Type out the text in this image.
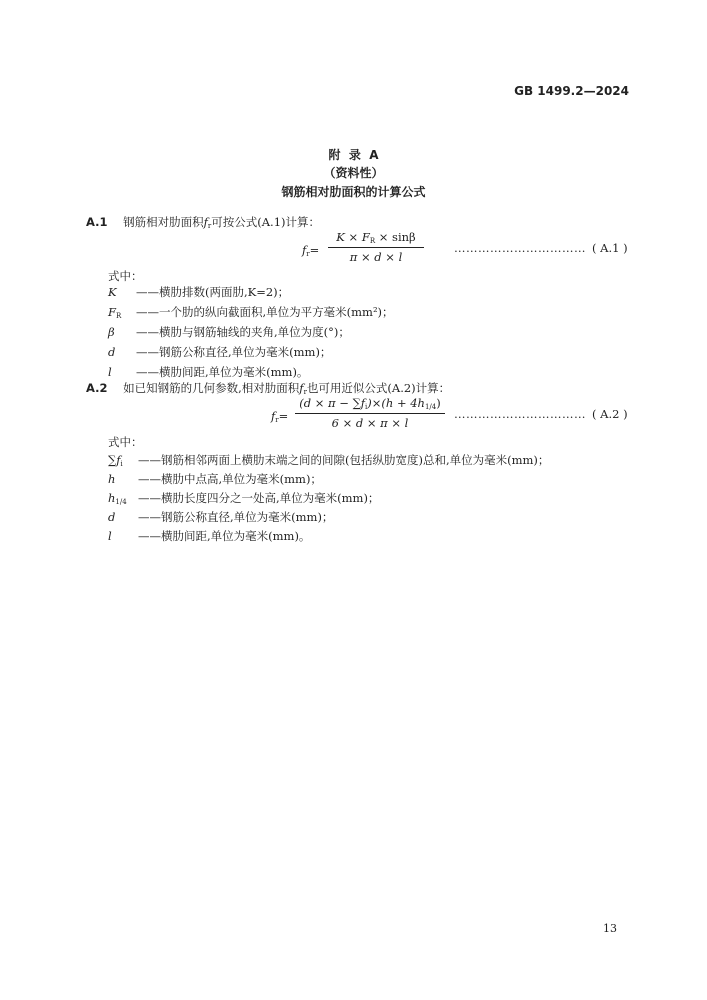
GB 1499.2—2024
附  录  A
（资料性）
钢筋相对肋面积的计算公式
A.1 钢筋相对肋面积$f_r$可按公式(A.1)计算：
$f_r=$
$K \times F_R \times \sin\beta$
π × d × l
…………………………… ( A.1 )
式中：
K ——横肋排数(两面肋,K=2)；
$F_R$ ——一个肋的纵向截面积,单位为平方毫米(mm²)；
β ——横肋与钢筋轴线的夹角,单位为度(°)；
d ——钢筋公称直径,单位为毫米(mm)；
l ——横肋间距,单位为毫米(mm)。
A.2 如已知钢筋的几何参数,相对肋面积$f_r$也可用近似公式(A.2)计算：
$f_r=$
$(d \times \pi - \sum f_i)\times(h + 4h_{1/4})$
6 × d × π × l
…………………………… ( A.2 )
式中：
$\sum f_i$ ——钢筋相邻两面上横肋末端之间的间隙(包括纵肋宽度)总和,单位为毫米(mm)；
h ——横肋中点高,单位为毫米(mm)；
$h_{1/4}$ ——横肋长度四分之一处高,单位为毫米(mm)；
d ——钢筋公称直径,单位为毫米(mm)；
l ——横肋间距,单位为毫米(mm)。
13
